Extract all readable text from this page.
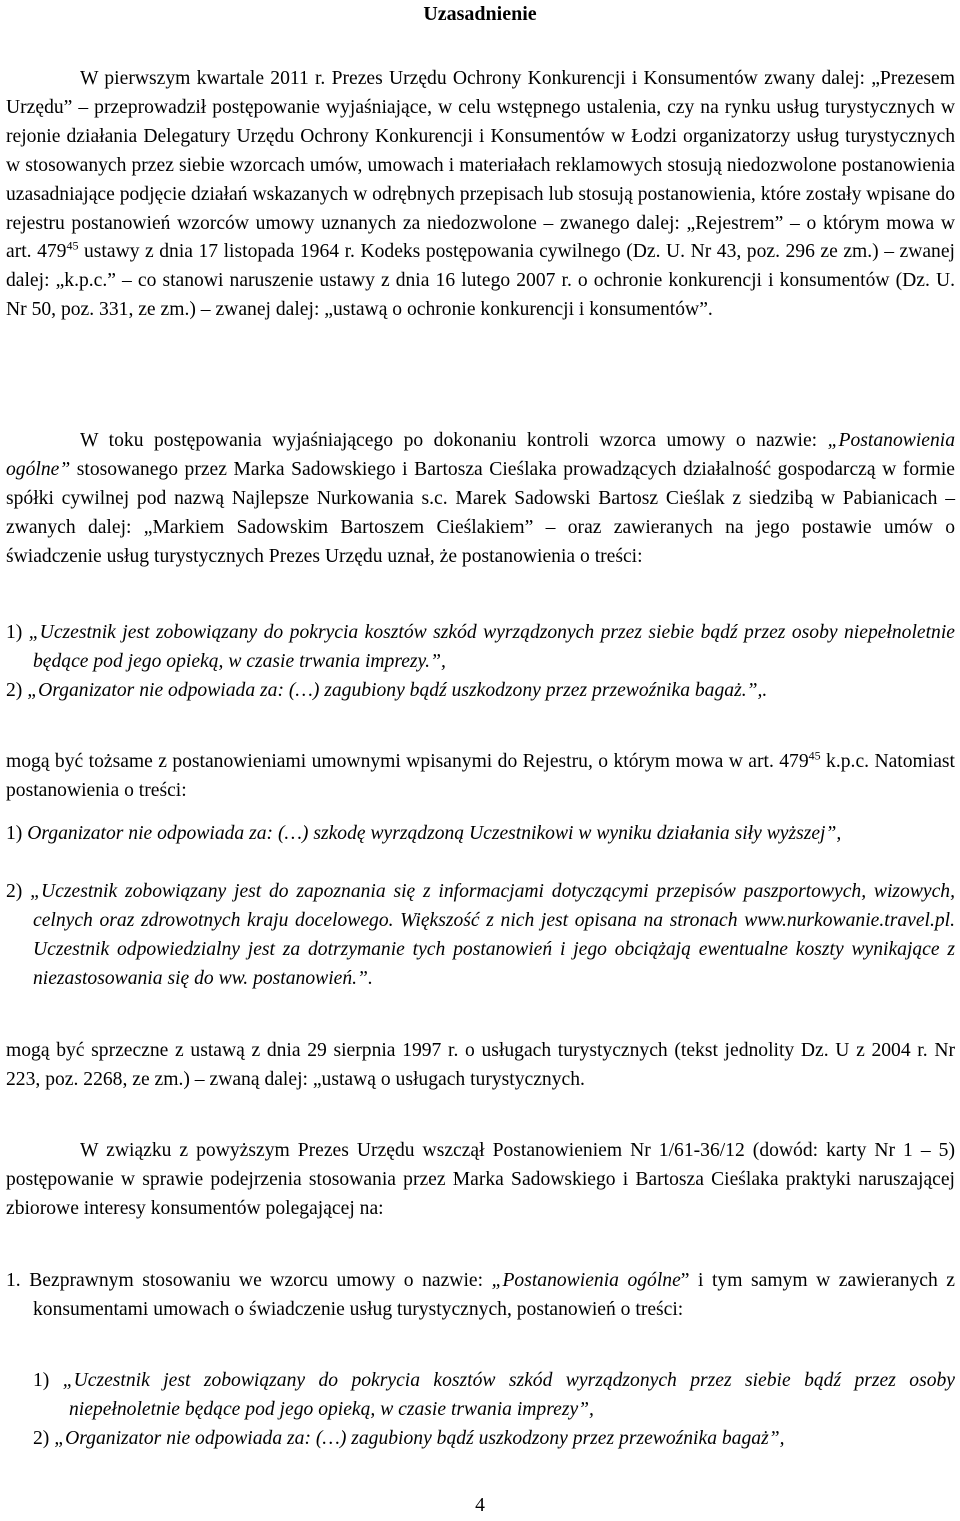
Uzasadnienie

W pierwszym kwartale 2011 r. Prezes Urzędu Ochrony Konkurencji i Konsumentów zwany dalej: „Prezesem Urzędu” – przeprowadził postępowanie wyjaśniające, w celu wstępnego ustalenia, czy na rynku usług turystycznych w rejonie działania Delegatury Urzędu Ochrony Konkurencji i Konsumentów w Łodzi organizatorzy usług turystycznych w stosowanych przez siebie wzorcach umów, umowach i materiałach reklamowych stosują niedozwolone postanowienia uzasadniające podjęcie działań wskazanych w odrębnych przepisach lub stosują postanowienia, które zostały wpisane do rejestru postanowień wzorców umowy uznanych za niedozwolone – zwanego dalej: „Rejestrem” – o którym mowa w art. $479^{45}$ ustawy z dnia 17 listopada 1964 r. Kodeks postępowania cywilnego (Dz. U. Nr 43, poz. 296 ze zm.) – zwanej dalej: „k.p.c.” – co stanowi naruszenie ustawy z dnia 16 lutego 2007 r. o ochronie konkurencji i konsumentów (Dz. U. Nr 50, poz. 331, ze zm.) – zwanej dalej: „ustawą o ochronie konkurencji i konsumentów”.

W toku postępowania wyjaśniającego po dokonaniu kontroli wzorca umowy o nazwie: „Postanowienia ogólne” stosowanego przez Marka Sadowskiego i Bartosza Cieślaka prowadzących działalność gospodarczą w formie spółki cywilnej pod nazwą Najlepsze Nurkowania s.c. Marek Sadowski Bartosz Cieślak z siedzibą w Pabianicach – zwanych dalej: „Markiem Sadowskim Bartoszem Cieślakiem” – oraz zawieranych na jego postawie umów o świadczenie usług turystycznych Prezes Urzędu uznał, że postanowienia o treści:

1) „Uczestnik jest zobowiązany do pokrycia kosztów szkód wyrządzonych przez siebie bądź przez osoby niepełnoletnie będące pod jego opieką, w czasie trwania imprezy.”,

2) „Organizator nie odpowiada za: (…) zagubiony bądź uszkodzony przez przewoźnika bagaż.”,.

mogą być tożsame z postanowieniami umownymi wpisanymi do Rejestru, o którym mowa w art. $479^{45}$ k.p.c. Natomiast postanowienia o treści:

1) Organizator nie odpowiada za: (…) szkodę wyrządzoną Uczestnikowi w wyniku działania siły wyższej”,

2) „Uczestnik zobowiązany jest do zapoznania się z informacjami dotyczącymi przepisów paszportowych, wizowych, celnych oraz zdrowotnych kraju docelowego. Większość z nich jest opisana na stronach www.nurkowanie.travel.pl. Uczestnik odpowiedzialny jest za dotrzymanie tych postanowień i jego obciążają ewentualne koszty wynikające z niezastosowania się do ww. postanowień.”.

mogą być sprzeczne z ustawą z dnia 29 sierpnia 1997 r. o usługach turystycznych (tekst jednolity Dz. U z 2004 r. Nr 223, poz. 2268, ze zm.) – zwaną dalej: „ustawą o usługach turystycznych.

W związku z powyższym Prezes Urzędu wszczął Postanowieniem Nr 1/61-36/12 (dowód: karty Nr 1 – 5) postępowanie w sprawie podejrzenia stosowania przez Marka Sadowskiego i Bartosza Cieślaka praktyki naruszającej zbiorowe interesy konsumentów polegającej na:

1. Bezprawnym stosowaniu we wzorcu umowy o nazwie: „Postanowienia ogólne” i tym samym w zawieranych z konsumentami umowach o świadczenie usług turystycznych, postanowień o treści:

1) „Uczestnik jest zobowiązany do pokrycia kosztów szkód wyrządzonych przez siebie bądź przez osoby niepełnoletnie będące pod jego opieką, w czasie trwania imprezy”,

2) „Organizator nie odpowiada za: (…) zagubiony bądź uszkodzony przez przewoźnika bagaż”,

4
